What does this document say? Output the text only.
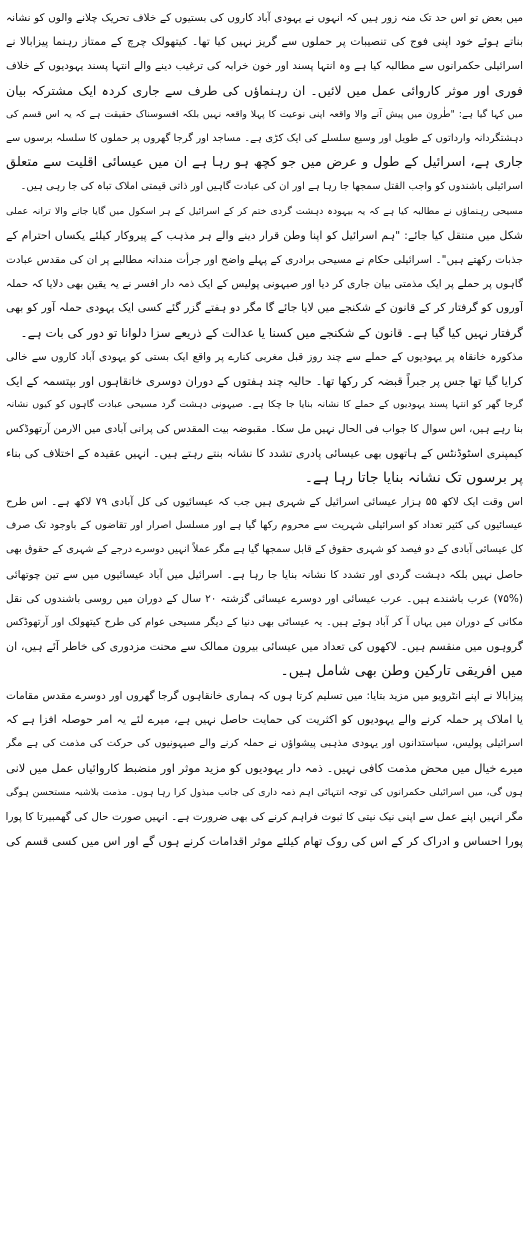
میں بعض تو اس حد تک منہ زور ہیں کہ انہوں نے یہودی آباد کاروں کی بستیوں کے خلاف تحریک چلانے والوں کو نشانہ
بناتے ہوئے خود اپنی فوج کی تنصیبات پر حملوں سے گریز نہیں کیا تھا۔ کیتھولک چرچ کے ممتاز رہنما پیزابالا نے
اسرائیلی حکمرانوں سے مطالبہ کیا ہے وہ انتہا پسند اور خون خرابہ کی ترغیب دینے والے انتہا پسند یہودیوں کے خلاف
فوری اور موثر کاروائی عمل میں لائیں۔ ان رہنماؤں کی طرف سے جاری کردہ ایک مشترکہ بیان
میں کہا گیا ہے: "طٰرون میں پیش آنے والا واقعہ اپنی نوعیت کا پہلا واقعہ نہیں بلکہ افسوسناک حقیقت ہے کہ یہ اس قسم کی
دہشتگردانہ وارداتوں کے طویل اور وسیع سلسلے کی ایک کڑی ہے۔ مساجد اور گرجا گھروں پر حملوں کا سلسلہ برسوں سے
جاری ہے، اسرائیل کے طول و عرض میں جو کچھ ہو رہا ہے ان میں عیسائی اقلیت سے متعلق
اسرائیلی باشندوں کو واجب القتل سمجھا جا رہا ہے اور ان کی عبادت گاہیں اور ذاتی قیمتی املاک تباہ کی جا رہی ہیں۔
مسیحی رہنماؤں نے مطالبہ کیا ہے کہ یہ بیہودہ دہشت گردی ختم کر کے اسرائیل کے ہر اسکول میں گایا جانے والا ترانہ عملی
شکل میں منتقل کیا جائے: "ہم اسرائیل کو اپنا وطن قرار دینے والے ہر مذہب کے پیروکار کیلئے یکساں احترام کے
جذبات رکھتے ہیں"۔ اسرائیلی حکام نے مسیحی برادری کے پہلے واضح اور جرأت مندانہ مطالبے پر ان کی مقدس عبادت
گاہوں پر حملے پر ایک مذمتی بیان جاری کر دیا اور صیہونی پولیس کے ایک ذمہ دار افسر نے یہ یقین بھی دلایا کہ حملہ
آوروں کو گرفتار کر کے قانون کے شکنجے میں لایا جائے گا مگر دو ہفتے گزر گئے کسی ایک یہودی حملہ آور کو بھی
گرفتار نہیں کیا گیا ہے۔ قانون کے شکنجے میں کسنا یا عدالت کے ذریعے سزا دلوانا تو دور کی بات ہے۔
مذکورہ خانقاہ پر یہودیوں کے حملے سے چند روز قبل مغربی کنارے پر واقع ایک بستی کو یہودی آباد کاروں سے خالی
کرایا گیا تھا جس پر جبراً قبضہ کر رکھا تھا۔ حالیہ چند ہفتوں کے دوران دوسری خانقاہوں اور بپتسمہ کے ایک
گرجا گھر کو انتہا پسند یہودیوں کے حملے کا نشانہ بنایا جا چکا ہے۔ صیہونی دہشت گرد مسیحی عبادت گاہوں کو کیوں نشانہ
بنا رہے ہیں، اس سوال کا جواب فی الحال نہیں مل سکا۔ مقبوضہ بیت المقدس کی پرانی آبادی میں الارمن آرتھوڈکس
کیمپنری اسٹوڈنٹس کے ہاتھوں بھی عیسائی پادری تشدد کا نشانہ بنتے رہتے ہیں۔ انہیں عقیدہ کے اختلاف کی بناء
پر برسوں تک نشانہ بنایا جاتا رہا ہے۔
اس وقت ایک لاکھ ۵۵ ہزار عیسائی اسرائیل کے شہری ہیں جب کہ عیسائیوں کی کل آبادی ۷۹ لاکھ ہے۔ اس طرح
عیسائیوں کی کثیر تعداد کو اسرائیلی شہریت سے محروم رکھا گیا ہے اور مسلسل اصرار اور تقاضوں کے باوجود تک صرف
کل عیسائی آبادی کے دو فیصد کو شہری حقوق کے قابل سمجھا گیا ہے مگر عملاً انہیں دوسرے درجے کے شہری کے حقوق بھی
حاصل نہیں بلکہ دہشت گردی اور تشدد کا نشانہ بنایا جا رہا ہے۔ اسرائیل میں آباد عیسائیوں میں سے تین چوتھائی
(۷۵%) عرب باشندے ہیں۔ عرب عیسائی اور دوسرے عیسائی گزشتہ ۲۰ سال کے دوران میں روسی باشندوں کی نقل
مکانی کے دوران میں یہاں آ کر آباد ہوئے ہیں۔ یہ عیسائی بھی دنیا کے دیگر مسیحی عوام کی طرح کیتھولک اور آرتھوڈکس
گروہوں میں منقسم ہیں۔ لاکھوں کی تعداد میں عیسائی بیرون ممالک سے محنت مزدوری کی خاطر آئے ہیں، ان
میں افریقی تارکین وطن بھی شامل ہیں۔
پیزابالا نے اپنے انٹرویو میں مزید بتایا: میں تسلیم کرتا ہوں کہ ہماری خانقاہوں گرجا گھروں اور دوسرے مقدس مقامات
یا املاک پر حملہ کرنے والے یہودیوں کو اکثریت کی حمایت حاصل نہیں ہے، میرے لئے یہ امر حوصلہ افزا ہے کہ
اسرائیلی پولیس، سیاستدانوں اور یہودی مذہبی پیشواؤں نے حملہ کرنے والے صیہونیوں کی حرکت کی مذمت کی ہے مگر
میرے خیال میں محض مذمت کافی نہیں۔ ذمہ دار یہودیوں کو مزید موثر اور منضبط کاروائیاں عمل میں لانی
ہوں گی، میں اسرائیلی حکمرانوں کی توجہ انتہائی اہم ذمہ داری کی جانب مبذول کرا رہا ہوں۔ مذمت بلاشبہ مستحسن ہوگی
مگر انہیں اپنے عمل سے اپنی نیک نیتی کا ثبوت فراہم کرنے کی بھی ضرورت ہے۔ انہیں صورت حال کی گھمبیرتا کا پورا
پورا احساس و ادراک کر کے اس کی روک تھام کیلئے موثر اقدامات کرنے ہوں گے اور اس میں کسی قسم کی
